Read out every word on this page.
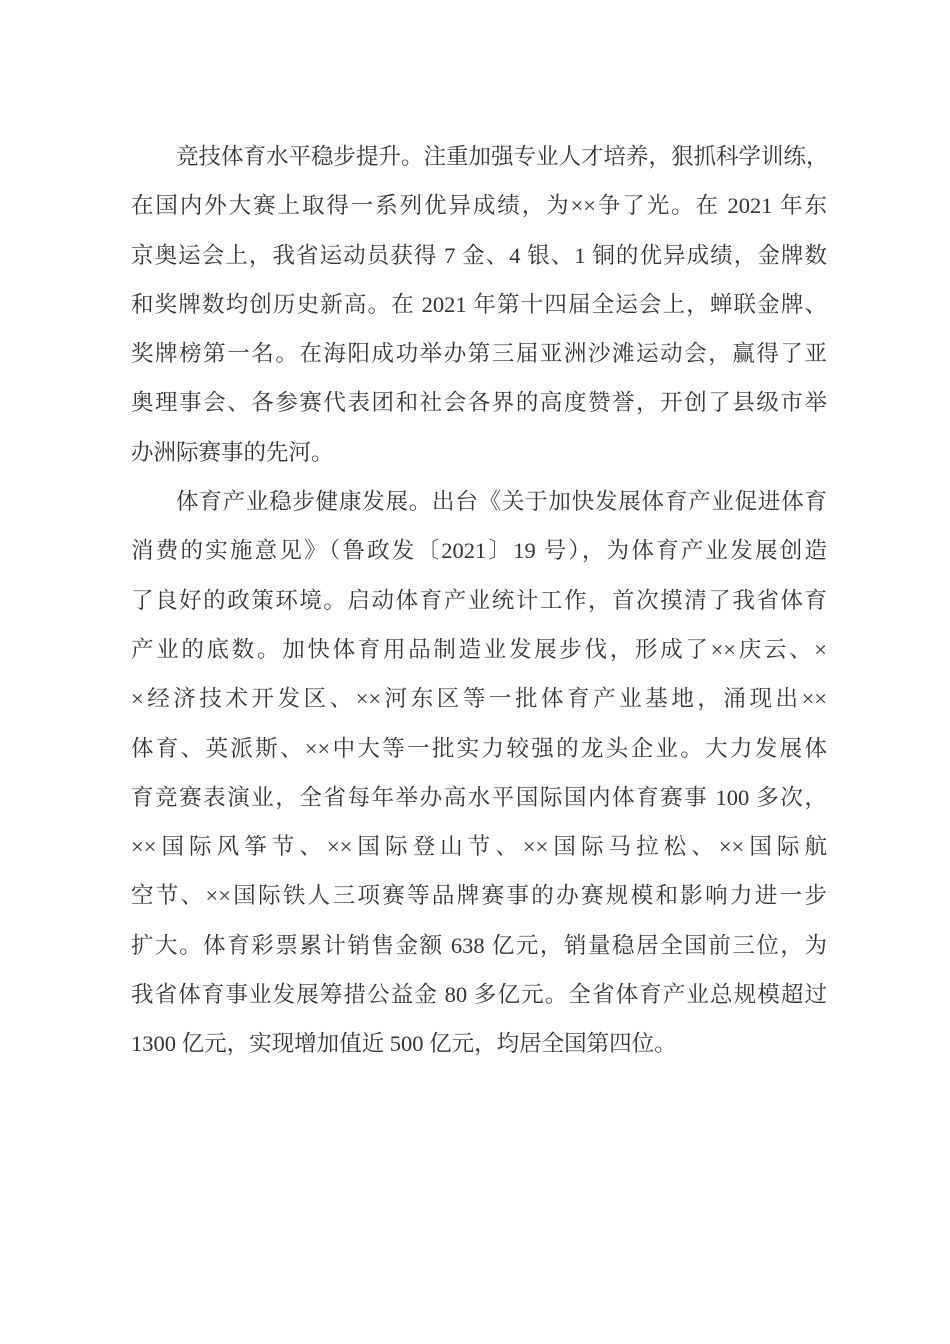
竞技体育水平稳步提升。注重加强专业人才培养，狠抓科学训练，
在国内外大赛上取得一系列优异成绩，为××争了光。在 2021 年东
京奥运会上，我省运动员获得 7 金、4 银、1 铜的优异成绩，金牌数
和奖牌数均创历史新高。在 2021 年第十四届全运会上，蝉联金牌、
奖牌榜第一名。在海阳成功举办第三届亚洲沙滩运动会，赢得了亚
奥理事会、各参赛代表团和社会各界的高度赞誉，开创了县级市举
办洲际赛事的先河。
体育产业稳步健康发展。出台《关于加快发展体育产业促进体育
消费的实施意见》（鲁政发〔2021〕19 号），为体育产业发展创造
了良好的政策环境。启动体育产业统计工作，首次摸清了我省体育
产业的底数。加快体育用品制造业发展步伐，形成了××庆云、×
×经济技术开发区、××河东区等一批体育产业基地，涌现出××
体育、英派斯、××中大等一批实力较强的龙头企业。大力发展体
育竞赛表演业，全省每年举办高水平国际国内体育赛事 100 多次，
××国际风筝节、××国际登山节、××国际马拉松、××国际航
空节、××国际铁人三项赛等品牌赛事的办赛规模和影响力进一步
扩大。体育彩票累计销售金额 638 亿元，销量稳居全国前三位，为
我省体育事业发展筹措公益金 80 多亿元。全省体育产业总规模超过
1300 亿元，实现增加值近 500 亿元，均居全国第四位。
